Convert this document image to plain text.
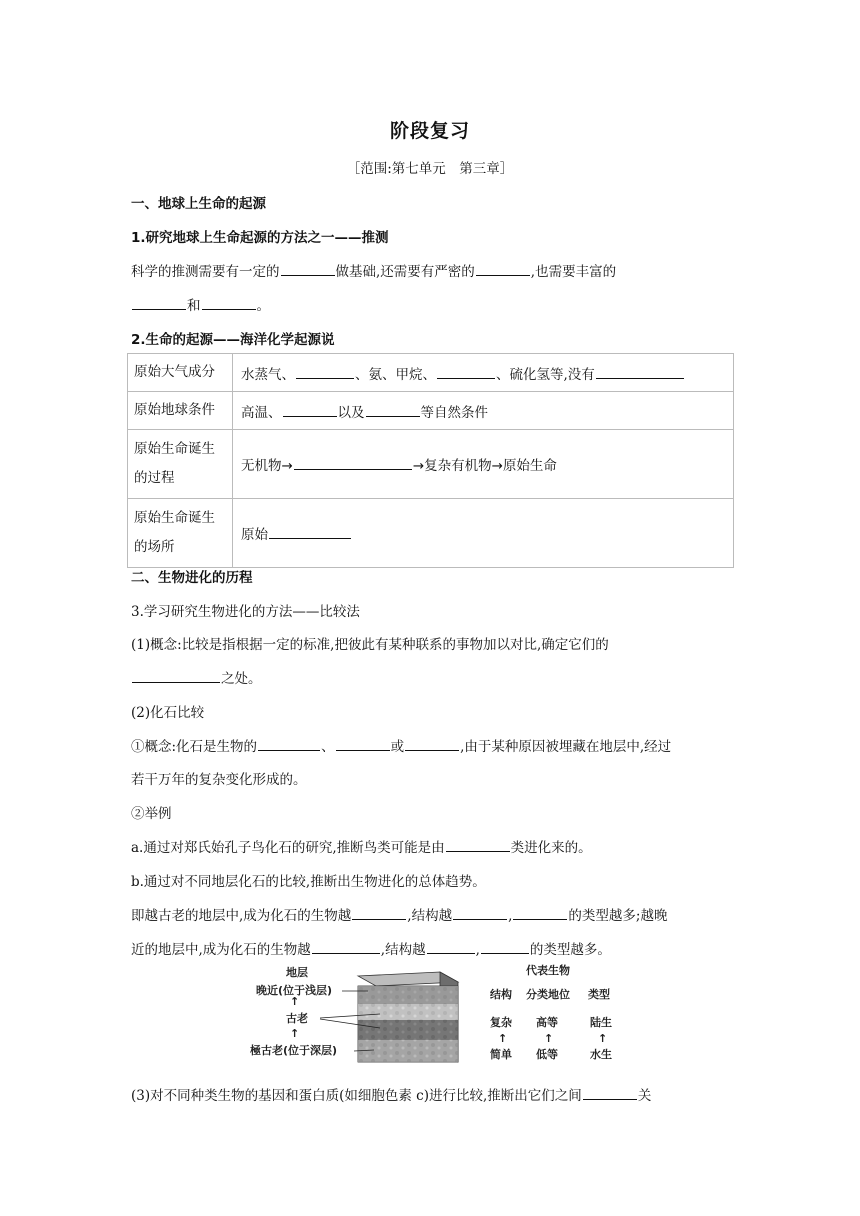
阶段复习
［范围:第七单元　第三章］
一、地球上生命的起源
1.研究地球上生命起源的方法之一——推测
科学的推测需要有一定的	做基础,还需要有严密的	,也需要丰富的
和	。
2.生命的起源——海洋化学起源说
原始大气成分	水蒸气、 、氨、甲烷、 、硫化氢等,没有
原始地球条件	高温、 以及 等自然条件

原始生命诞生
的过程	无机物→ →复杂有机物→原始生命

原始生命诞生
的场所	原始
二、生物进化的历程
3.学习研究生物进化的方法——比较法
(1)概念:比较是指根据一定的标准,把彼此有某种联系的事物加以对比,确定它们的
之处。
(2)化石比较
①概念:化石是生物的	、	或	,由于某种原因被埋藏在地层中,经过
若干万年的复杂变化形成的。
②举例
a.通过对郑氏始孔子鸟化石的研究,推断鸟类可能是由	类进化来的。
b.通过对不同地层化石的比较,推断出生物进化的总体趋势。
即越古老的地层中,成为化石的生物越	,结构越	,	的类型越多;越晚
近的地层中,成为化石的生物越	,结构越	,	的类型越多。
地层
晚近(位于浅层)
↑
古老
↑
極古老(位于深层)
代表生物
结构 分类地位 类型
复杂 高等	陆生
↑	↑	↑
简单 低等	水生
(3)对不同种类生物的基因和蛋白质(如细胞色素 c)进行比较,推断出它们之间	关
